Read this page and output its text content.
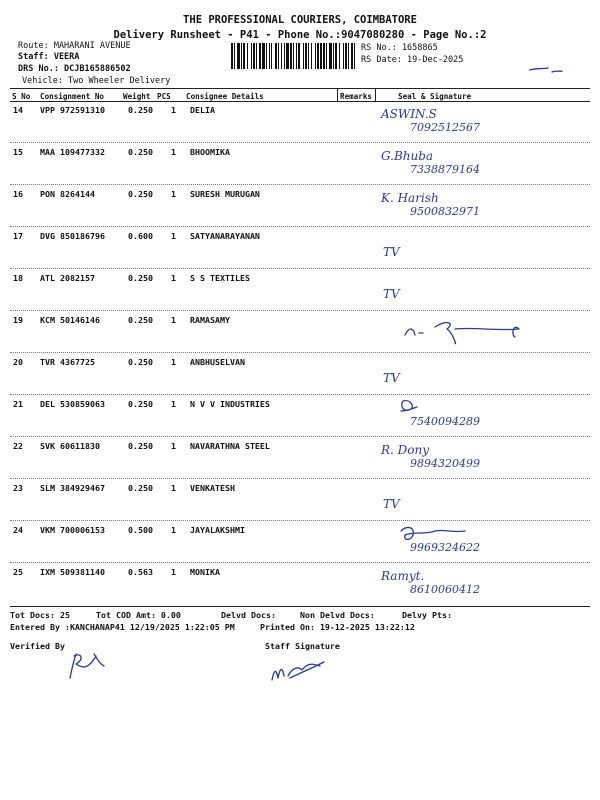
THE PROFESSIONAL COURIERS, COIMBATORE
Delivery Runsheet - P41 - Phone No.:9047080280 - Page No.:2
Route: MAHARANI AVENUE
Staff: VEERA
DRS No.: DCJB165886502
Vehicle: Two Wheeler Delivery
RS No.: 1658865
RS Date: 19-Dec-2025
S No Consignment No Weight PCS Consignee Details	Remarks	Seal & Signature
14 VPP 972591310	0.250 1 DELIA	ASWIN.S
7092512567
15 MAA 109477332	0.250 1 BHOOMIKA	G.Bhuba
7338879164
16 PON 8264144	0.250 1 SURESH MURUGAN	K. Harish
9500832971
17 DVG 850186796	0.600 1 SATYANARAYANAN
TV
18 ATL 2082157	0.250 1 S S TEXTILES
TV
19 KCM 50146146	0.250 1 RAMASAMY
20 TVR 4367725	0.250 1 ANBHUSELVAN
TV
21 DEL 530859063	0.250 1 N V V INDUSTRIES
7540094289
22 SVK 60611830	0.250 1 NAVARATHNA STEEL	R. Dony
9894320499
23 SLM 384929467	0.250 1 VENKATESH
TV
24 VKM 700006153	0.500 1 JAYALAKSHMI
9969324622
25 IXM 509381140	0.563 1 MONIKA	Ramyt.
8610060412
Tot Docs: 25	Tot COD Amt: 0.00	Delvd Docs:	Non Delvd Docs:	Delvy Pts:
Entered By :KANCHANAP41 12/19/2025 1:22:05 PM	Printed On: 19-12-2025 13:22:12
Verified By	Staff Signature
